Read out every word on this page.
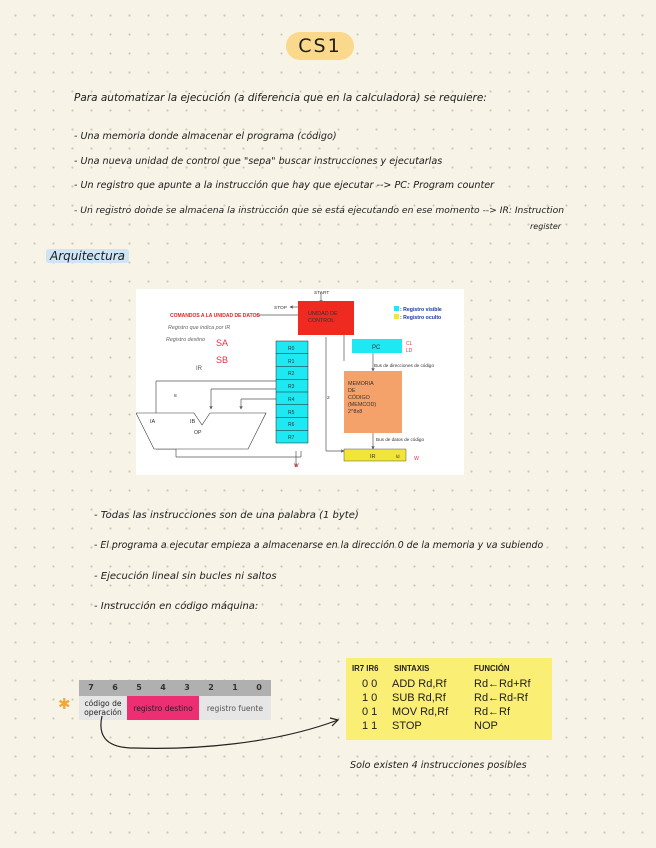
CS1
Para automatizar la ejecución (a diferencia que en la calculadora) se requiere:
- Una memoria donde almacenar el programa (código)
- Una nueva unidad de control que "sepa" buscar instrucciones y ejecutarlas
- Un registro que apunte a la instrucción que hay que ejecutar --> PC: Program counter
- Un registro donde se almacena la instrucción que se está ejecutando en ese momento --> IR: Instruction
register
Arquitectura
START
STOP
UNIDAD DE
CONTROL
COMANDOS A LA UNIDAD DE DATOS
: Registro visible
: Registro oculto
Registro que indica por IR
Registro destino SA
SB
IR
R0
R1
R2
R3
R4
R5
R6
R7
W
IA	IB
OP
8	2
PC
CL
LD
Bus de direcciones de código
MEMORIA
DE
CÓDIGO
(MEMCOD)
2^8x8
Bus de datos de código
IR	ld	W
- Todas las instrucciones son de una palabra (1 byte)
- El programa a ejecutar empieza a almacenarse en la dirección 0 de la memoria y va subiendo
- Ejecución lineal sin bucles ni saltos
- Instrucción en código máquina:
✱
7	6	5	4	3	2	1	0
código de operación	registro destino	registro fuente
IR7 IR6 SINTAXIS	FUNCIÓN
0 0 ADD Rd,Rf	Rd←Rd+Rf
1 0 SUB Rd,Rf	Rd←Rd-Rf
0 1 MOV Rd,Rf Rd←Rf
1 1 STOP	NOP
Solo existen 4 instrucciones posibles
